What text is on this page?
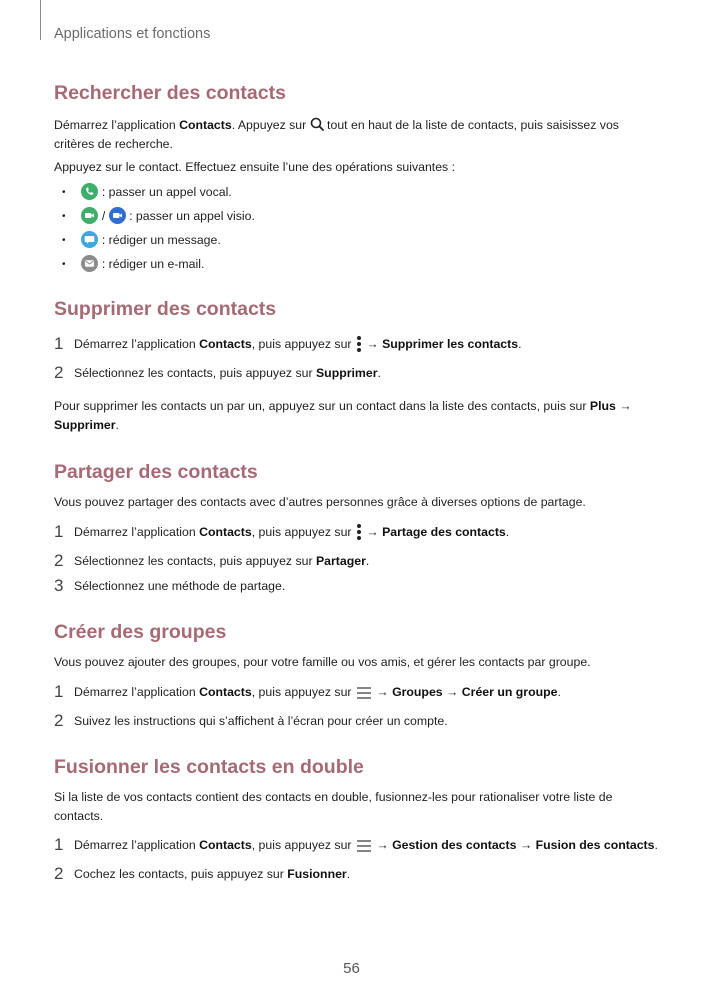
Applications et fonctions
Rechercher des contacts
Démarrez l’application Contacts. Appuyez sur  tout en haut de la liste de contacts, puis saisissez vos
critères de recherche.
Appuyez sur le contact. Effectuez ensuite l’une des opérations suivantes :
•	: passer un appel vocal.
•	/
: passer un appel visio.
•	: rédiger un message.
•	: rédiger un e-mail.
Supprimer des contacts
1 Démarrez l’application Contacts, puis appuyez sur  → Supprimer les contacts.
2 Sélectionnez les contacts, puis appuyez sur Supprimer.
Pour supprimer les contacts un par un, appuyez sur un contact dans la liste des contacts, puis sur Plus → Supprimer.
Partager des contacts
Vous pouvez partager des contacts avec d’autres personnes grâce à diverses options de partage.
1 Démarrez l’application Contacts, puis appuyez sur  → Partage des contacts.
2 Sélectionnez les contacts, puis appuyez sur Partager.
3 Sélectionnez une méthode de partage.
Créer des groupes
Vous pouvez ajouter des groupes, pour votre famille ou vos amis, et gérer les contacts par groupe.
1 Démarrez l’application Contacts, puis appuyez sur  → Groupes → Créer un groupe.
2 Suivez les instructions qui s’affichent à l’écran pour créer un compte.
Fusionner les contacts en double
Si la liste de vos contacts contient des contacts en double, fusionnez-les pour rationaliser votre liste de contacts.
1 Démarrez l’application Contacts, puis appuyez sur  → Gestion des contacts → Fusion des contacts.
2 Cochez les contacts, puis appuyez sur Fusionner.
56
